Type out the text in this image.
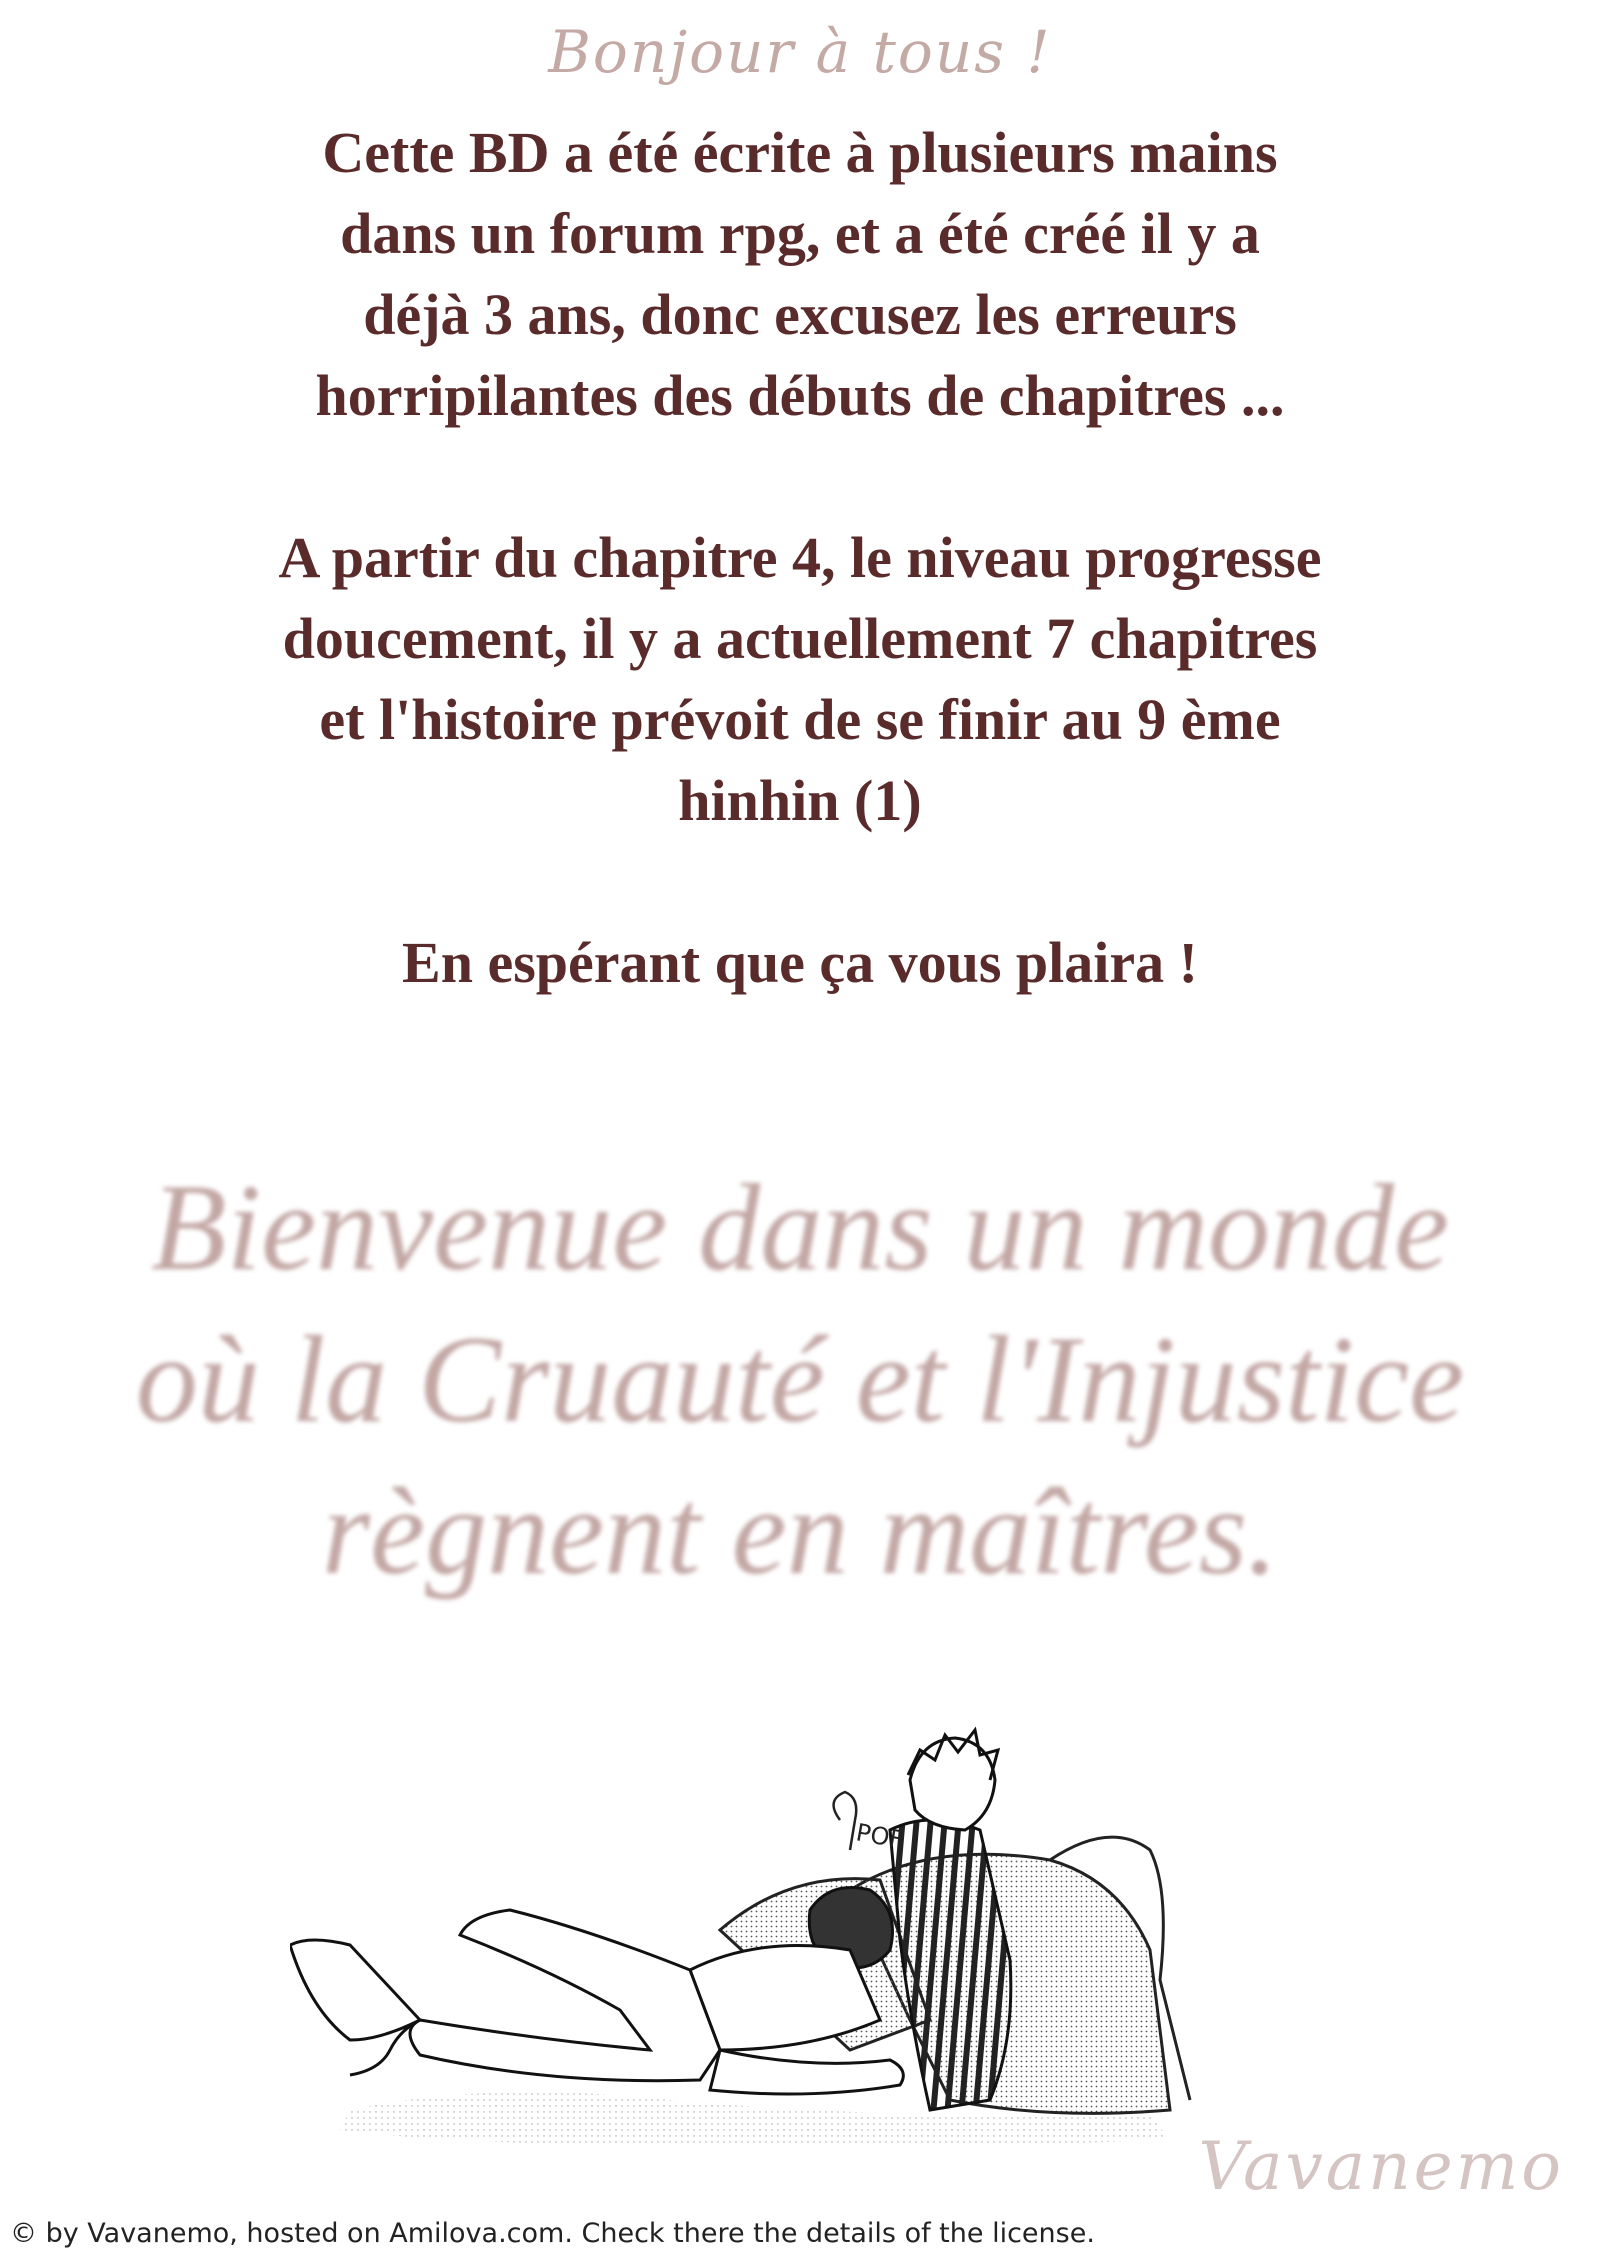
Bonjour à tous !

Cette BD a été écrite à plusieurs mains

dans un forum rpg, et a été créé il y a

déjà 3 ans, donc excusez les erreurs

horripilantes des débuts de chapitres ...

A partir du chapitre 4, le niveau progresse

doucement, il y a actuellement 7 chapitres

et l'histoire prévoit de se finir au 9 ème

hinhin (1)

En espérant que ça vous plaira !

Bienvenue dans un monde
où la Cruauté et l'Injustice
règnent en maîtres.
POF
Vavanemo
© by Vavanemo, hosted on Amilova.com. Check there the details of the license.
